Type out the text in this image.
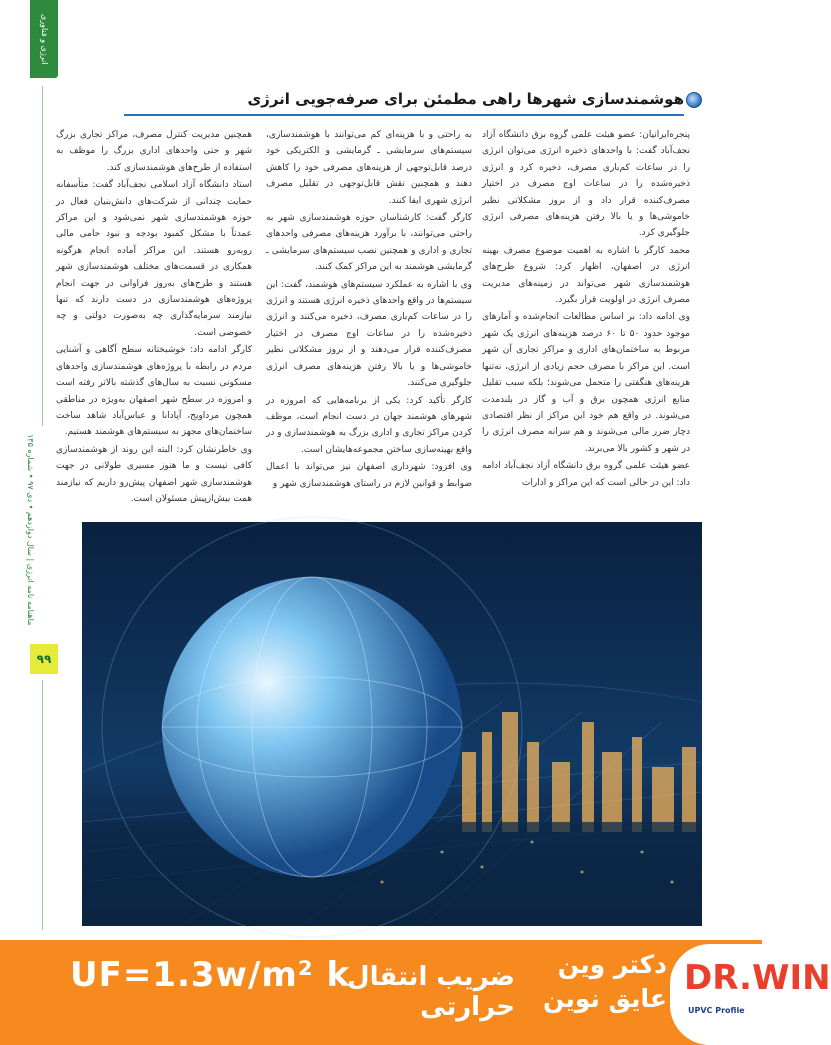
انرژی و فناوری
ماهنامه نامه انرژی | سال دوازدهم • دی ۹۷ • شماره ۱۳۵
۹۹
هوشمندسازی شهرها راهی مطمئن برای صرفه‌جویی انرژی

پنجره‌ایرانیان: عضو هیئت علمی گروه برق دانشگاه آزاد نجف‌آباد گفت: با واحدهای ذخیره انرژی می‌توان انرژی را در ساعات کم‌باری مصرف، ذخیره کرد و انرژی ذخیره‌شده را در ساعات اوج مصرف در اختیار مصرف‌کننده قرار داد و از بروز مشکلاتی نظیر خاموشی‌ها و یا بالا رفتن هزینه‌های مصرفی انرژی جلوگیری کرد.

محمد کارگر با اشاره به اهمیت موضوع مصرف بهینه انرژی در اصفهان، اظهار کرد: شروع طرح‌های هوشمندسازی شهر می‌تواند در زمینه‌های مدیریت مصرف انرژی در اولویت قرار بگیرد.

وی ادامه داد: بر اساس مطالعات انجام‌شده و آمارهای موجود حدود ۵۰ تا ۶۰ درصد هزینه‌های انرژی یک شهر مربوط به ساختمان‌های اداری و مراکز تجاری آن شهر است. این مراکز با مصرف حجم زیادی از انرژی، نه‌تنها هزینه‌های هنگفتی را متحمل می‌شوند؛ بلکه سبب تقلیل منابع انرژی همچون برق و آب و گاز در بلندمدت می‌شوند. در واقع هم خود این مراکز از نظر اقتصادی دچار ضرر مالی می‌شوند و هم سرانه مصرف انرژی را در شهر و کشور بالا می‌برند.

عضو هیئت علمی گروه برق دانشگاه آزاد نجف‌آباد ادامه داد: این در حالی است که این مراکز و ادارات

به راحتی و با هزینه‌ای کم می‌توانند با هوشمندسازی، سیستم‌های سرمایشی ـ گرمایشی و الکتریکی خود درصد قابل‌توجهی از هزینه‌های مصرفی خود را کاهش دهند و همچنین نقش قابل‌توجهی در تقلیل مصرف انرژی شهری ایفا کنند.

کارگر گفت: کارشناسان حوزه هوشمندسازی شهر به راحتی می‌توانند، با برآورد هزینه‌های مصرفی واحدهای تجاری و اداری و همچنین نصب سیستم‌های سرمایشی ـ گرمایشی هوشمند به این مراکز کمک کنند.

وی با اشاره به عملکرد سیستم‌های هوشمند، گفت: این سیستم‌ها در واقع واحدهای ذخیره انرژی هستند و انرژی را در ساعات کم‌باری مصرف، ذخیره می‌کنند و انرژی ذخیره‌شده را در ساعات اوج مصرف در اختیار مصرف‌کننده قرار می‌دهند و از بروز مشکلاتی نظیر خاموشی‌ها و یا بالا رفتن هزینه‌های مصرف انرژی جلوگیری می‌کنند.

کارگر تأکید کرد: یکی از برنامه‌هایی که امروزه در شهرهای هوشمند جهان در دست انجام است، موظف کردن مراکز تجاری و اداری بزرگ به هوشمندسازی و در واقع بهینه‌سازی ساختن مجموعه‌هایشان است.

وی افزود: شهرداری اصفهان نیز می‌تواند با اعمال ضوابط و قوانین لازم در راستای هوشمندسازی شهر و

همچنین مدیریت کنترل مصرف، مراکز تجاری بزرگ شهر و حتی واحدهای اداری بزرگ را موظف به استفاده از طرح‌های هوشمندسازی کند.

استاد دانشگاه آزاد اسلامی نجف‌آباد گفت: متأسفانه حمایت چندانی از شرکت‌های دانش‌بنیان فعال در حوزه هوشمندسازی شهر نمی‌شود و این مراکز عمدتاً با مشکل کمبود بودجه و نبود حامی مالی روبه‌رو هستند. این مراکز آماده انجام هرگونه همکاری در قسمت‌های مختلف هوشمندسازی شهر هستند و طرح‌های به‌روز فراوانی در جهت انجام پروژه‌های هوشمندسازی در دست دارند که تنها نیازمند سرمایه‌گذاری چه به‌صورت دولتی و چه خصوصی است.

کارگر ادامه داد: خوشبختانه سطح آگاهی و آشنایی مردم در رابطه با پروژه‌های هوشمندسازی واحدهای مسکونی نسبت به سال‌های گذشته بالاتر رفته است و امروزه در سطح شهر اصفهان به‌ویژه در مناطقی همچون مرداویج، آپادانا و عباس‌آباد شاهد ساخت ساختمان‌های مجهز به سیستم‌های هوشمند هستیم.

وی خاطرنشان کرد: البته این روند از هوشمندسازی کافی نیست و ما هنوز مسیری طولانی در جهت هوشمندسازی شهر اصفهان پیش‌رو داریم که نیازمند همت بیش‌ازپیش مسئولان است.

UF=1.3w/m² k
ضریب انتقال حرارتی
دکتر وین
عایق نوین
DR.WIN
UPVC Profile
